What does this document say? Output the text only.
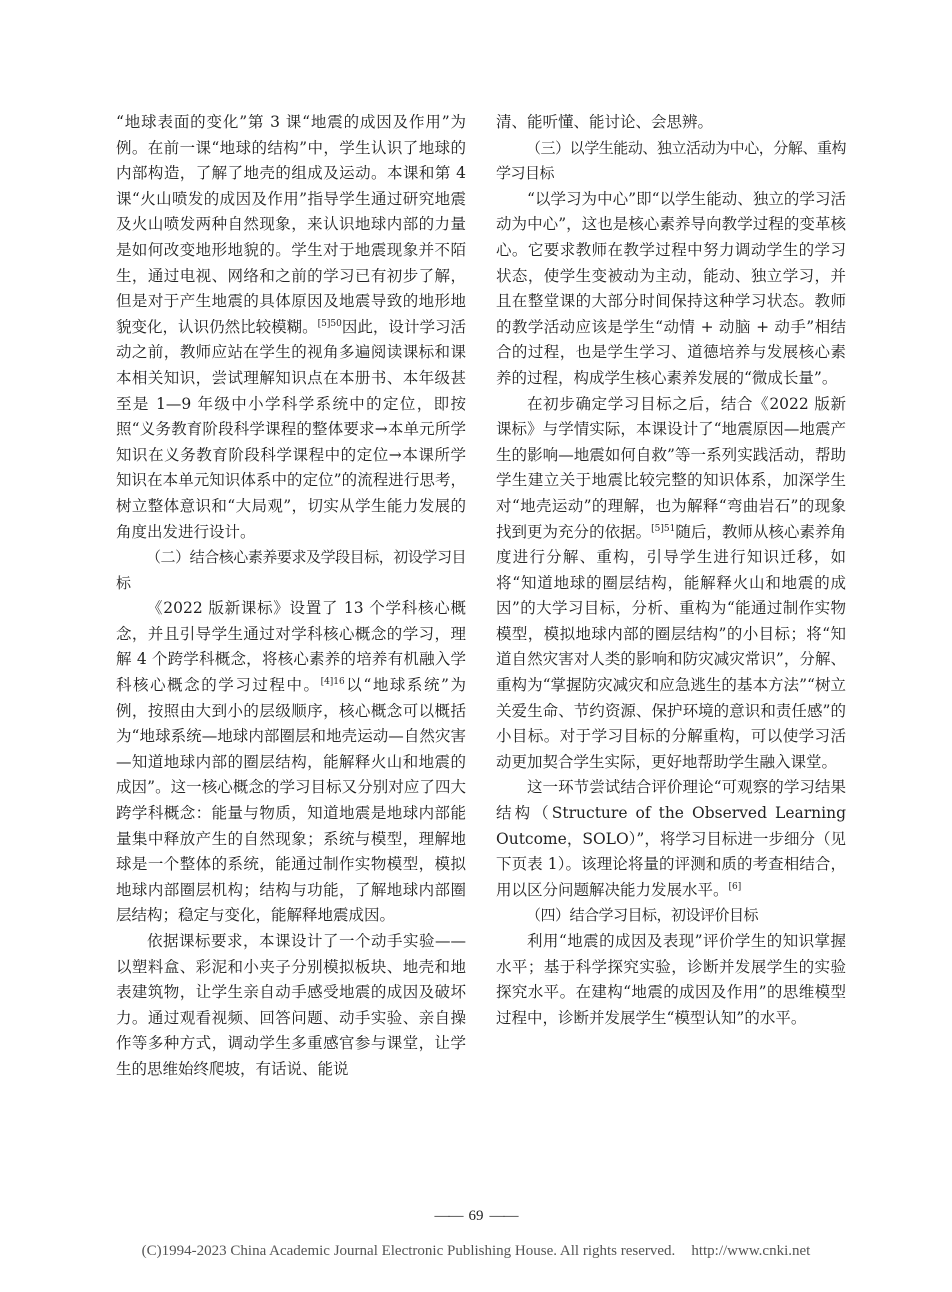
“地球表面的变化”第 3 课“地震的成因及作用”为例。在前一课“地球的结构”中，学生认识了地球的内部构造，了解了地壳的组成及运动。本课和第 4 课“火山喷发的成因及作用”指导学生通过研究地震及火山喷发两种自然现象，来认识地球内部的力量是如何改变地形地貌的。学生对于地震现象并不陌生，通过电视、网络和之前的学习已有初步了解，但是对于产生地震的具体原因及地震导致的地形地貌变化，认识仍然比较模糊。$^{[5]50}$因此，设计学习活动之前，教师应站在学生的视角多遍阅读课标和课本相关知识，尝试理解知识点在本册书、本年级甚至是 1—9 年级中小学科学系统中的定位，即按照“义务教育阶段科学课程的整体要求→本单元所学知识在义务教育阶段科学课程中的定位→本课所学知识在本单元知识体系中的定位”的流程进行思考，树立整体意识和“大局观”，切实从学生能力发展的角度出发进行设计。

（二）结合核心素养要求及学段目标，初设学习目标

《2022 版新课标》设置了 13 个学科核心概念，并且引导学生通过对学科核心概念的学习，理解 4 个跨学科概念，将核心素养的培养有机融入学科核心概念的学习过程中。$^{[4]16}$以“地球系统”为例，按照由大到小的层级顺序，核心概念可以概括为“地球系统—地球内部圈层和地壳运动—自然灾害—知道地球内部的圈层结构，能解释火山和地震的成因”。这一核心概念的学习目标又分别对应了四大跨学科概念：能量与物质，知道地震是地球内部能量集中释放产生的自然现象；系统与模型，理解地球是一个整体的系统，能通过制作实物模型，模拟地球内部圈层机构；结构与功能，了解地球内部圈层结构；稳定与变化，能解释地震成因。

依据课标要求，本课设计了一个动手实验——以塑料盒、彩泥和小夹子分别模拟板块、地壳和地表建筑物，让学生亲自动手感受地震的成因及破坏力。通过观看视频、回答问题、动手实验、亲自操作等多种方式，调动学生多重感官参与课堂，让学生的思维始终爬坡，有话说、能说

清、能听懂、能讨论、会思辨。

（三）以学生能动、独立活动为中心，分解、重构学习目标

“以学习为中心”即“以学生能动、独立的学习活动为中心”，这也是核心素养导向教学过程的变革核心。它要求教师在教学过程中努力调动学生的学习状态，使学生变被动为主动，能动、独立学习，并且在整堂课的大部分时间保持这种学习状态。教师的教学活动应该是学生“动情 + 动脑 + 动手”相结合的过程，也是学生学习、道德培养与发展核心素养的过程，构成学生核心素养发展的“微成长量”。

在初步确定学习目标之后，结合《2022 版新课标》与学情实际，本课设计了“地震原因—地震产生的影响—地震如何自救”等一系列实践活动，帮助学生建立关于地震比较完整的知识体系，加深学生对“地壳运动”的理解，也为解释“弯曲岩石”的现象找到更为充分的依据。$^{[5]51}$随后，教师从核心素养角度进行分解、重构，引导学生进行知识迁移，如将“知道地球的圈层结构，能解释火山和地震的成因”的大学习目标，分析、重构为“能通过制作实物模型，模拟地球内部的圈层结构”的小目标；将“知道自然灾害对人类的影响和防灾减灾常识”，分解、重构为“掌握防灾减灾和应急逃生的基本方法”“树立关爱生命、节约资源、保护环境的意识和责任感”的小目标。对于学习目标的分解重构，可以使学习活动更加契合学生实际，更好地帮助学生融入课堂。

这一环节尝试结合评价理论“可观察的学习结果结构（Structure of the Observed Learning Outcome，SOLO）”，将学习目标进一步细分（见下页表 1）。该理论将量的评测和质的考查相结合，用以区分问题解决能力发展水平。[6]

（四）结合学习目标，初设评价目标

利用“地震的成因及表现”评价学生的知识掌握水平；基于科学探究实验，诊断并发展学生的实验探究水平。在建构“地震的成因及作用”的思维模型过程中，诊断并发展学生“模型认知”的水平。

—— 69 ——
(C)1994-2023 China Academic Journal Electronic Publishing House. All rights reserved. http://www.cnki.net
